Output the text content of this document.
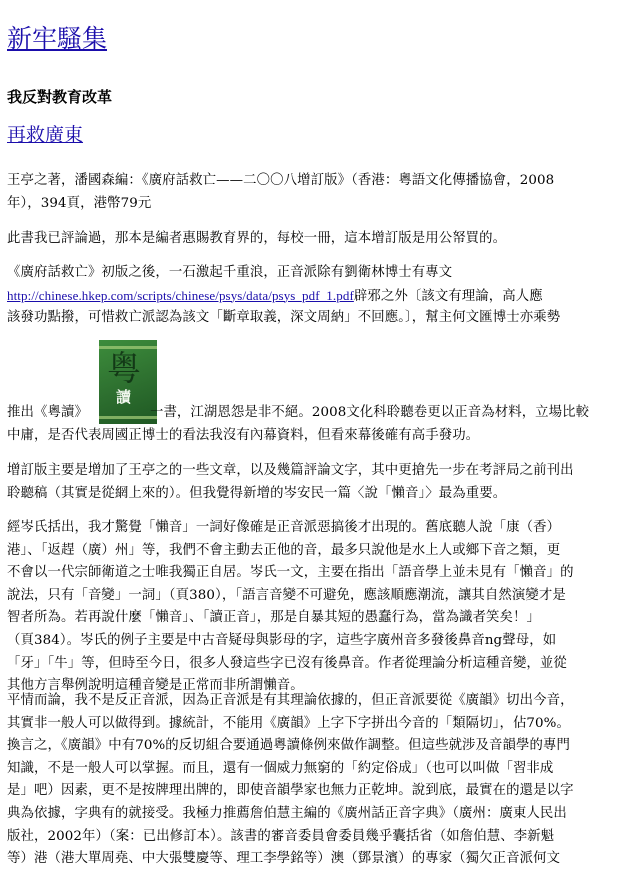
新牢騷集
我反對教育改革
再救廣東

王亭之著，潘國森編：《廣府話救亡——二〇〇八增訂版》（香港：粵語文化傳播協會，2008
年），394頁，港幣79元

此書我已評論過，那本是編者惠賜教育界的，每校一冊，這本增訂版是用公帑買的。

《廣府話救亡》初版之後，一石激起千重浪，正音派除有劉衛林博士有專文
http://chinese.hkep.com/scripts/chinese/psys/data/psys_pdf_1.pdf辟邪之外〔該文有理論，高人應
該發功點撥，可惜救亡派認為該文「斷章取義，深文周納」不回應。〕，幫主何文匯博士亦乘勢

粤
讀

推出《粵讀》	一書，江湖恩怨是非不絕。2008文化科聆聽卷更以正音為材料，立場比較
中庸，是否代表周國正博士的看法我沒有內幕資料，但看來幕後確有高手發功。

增訂版主要是增加了王亭之的一些文章，以及幾篇評論文字，其中更搶先一步在考評局之前刊出
聆聽稿（其實是從網上來的）。但我覺得新增的岑安民一篇〈說「懶音」〉最為重要。

經岑氏括出，我才驚覺「懶音」一詞好像確是正音派惡搞後才出現的。舊底聽人說「康（香）
港」、「返趕（廣）州」等，我們不會主動去正他的音，最多只說他是水上人或鄉下音之類，更
不會以一代宗師衛道之士唯我獨正自居。岑氏一文，主要在指出「語音學上並未見有「懶音」的
說法，只有「音變」一詞」（頁380），「語言音變不可避免，應該順應潮流，讓其自然演變才是
智者所為。若再說什麼「懶音」、「讀正音」，那是自暴其短的愚蠢行為，當為識者笑矣！」
（頁384）。岑氏的例子主要是中古音疑母與影母的字，這些字廣州音多發後鼻音ng聲母，如
「牙」「牛」等，但時至今日，很多人發這些字已沒有後鼻音。作者從理論分析這種音變，並從
其他方言舉例說明這種音變是正常而非所謂懶音。

平情而論，我不是反正音派，因為正音派是有其理論依據的，但正音派要從《廣韻》切出今音，
其實非一般人可以做得到。據統計，不能用《廣韻》上字下字拼出今音的「類隔切」，佔70%。
換言之，《廣韻》中有70%的反切組合要通過粵讀條例來做作調整。但這些就涉及音韻學的專門
知識，不是一般人可以掌握。而且，還有一個威力無窮的「約定俗成」（也可以叫做「習非成
是」吧）因素，更不是按牌理出牌的，即使音韻學家也無力正乾坤。說到底，最實在的還是以字
典為依據，字典有的就接受。我極力推薦詹伯慧主編的《廣州話正音字典》（廣州：廣東人民出
版社，2002年）（案：已出修訂本）。該書的審音委員會委員幾乎囊括省（如詹伯慧、李新魁
等）港（港大單周堯、中大張雙慶等、理工李學銘等）澳（鄧景濱）的專家（獨欠正音派何文
